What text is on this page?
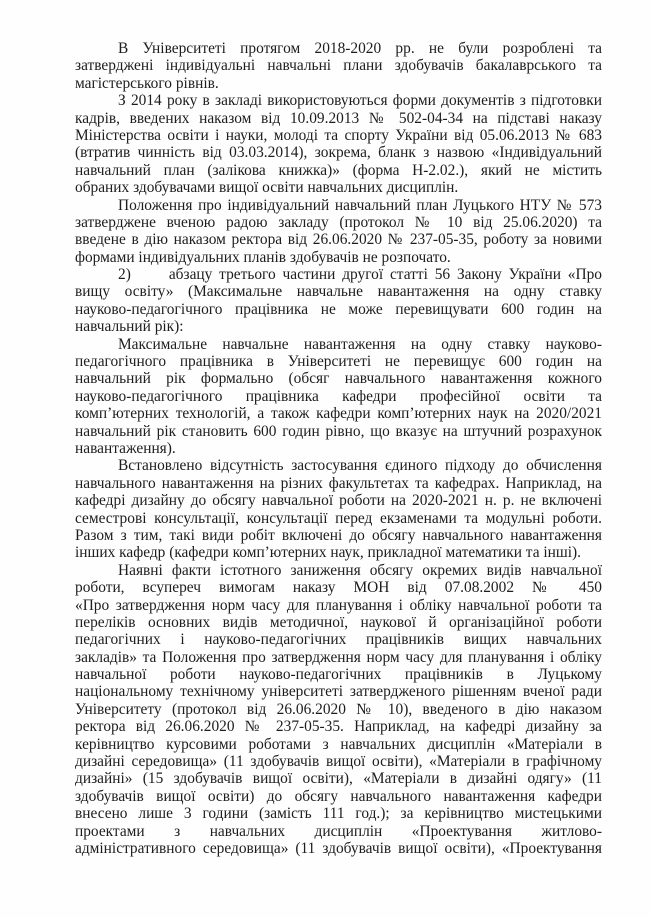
В Університеті протягом 2018-2020 рр. не були розроблені та
затверджені індивідуальні навчальні плани здобувачів бакалаврського та
магістерського рівнів.
З 2014 року в закладі використовуються форми документів з підготовки
кадрів, введених наказом від 10.09.2013 № 502-04-34 на підставі наказу
Міністерства освіти і науки, молоді та спорту України від 05.06.2013 № 683
(втратив чинність від 03.03.2014), зокрема, бланк з назвою «Індивідуальний
навчальний план (залікова книжка)» (форма Н-2.02.), який не містить
обраних здобувачами вищої освіти навчальних дисциплін.
Положення про індивідуальний навчальний план Луцького НТУ № 573
затверджене вченою радою закладу (протокол № 10 від 25.06.2020) та
введене в дію наказом ректора від 26.06.2020 № 237-05-35, роботу за новими
формами індивідуальних планів здобувачів не розпочато.
2) абзацу третього частини другої статті 56 Закону України «Про
вищу освіту» (Максимальне навчальне навантаження на одну ставку
науково-педагогічного працівника не може перевищувати 600 годин на
навчальний рік):
Максимальне навчальне навантаження на одну ставку науково-
педагогічного працівника в Університеті не перевищує 600 годин на
навчальний рік формально (обсяг навчального навантаження кожного
науково-педагогічного працівника кафедри професійної освіти та
комп’ютерних технологій, а також кафедри комп’ютерних наук на 2020/2021
навчальний рік становить 600 годин рівно, що вказує на штучний розрахунок
навантаження).
Встановлено відсутність застосування єдиного підходу до обчислення
навчального навантаження на різних факультетах та кафедрах. Наприклад, на
кафедрі дизайну до обсягу навчальної роботи на 2020-2021 н. р. не включені
семестрові консультації, консультації перед екзаменами та модульні роботи.
Разом з тим, такі види робіт включені до обсягу навчального навантаження
інших кафедр (кафедри комп’ютерних наук, прикладної математики та інші).
Наявні факти істотного заниження обсягу окремих видів навчальної
роботи, всупереч вимогам наказу МОН від 07.08.2002 № 450
«Про затвердження норм часу для планування і обліку навчальної роботи та
переліків основних видів методичної, наукової й організаційної роботи
педагогічних і науково-педагогічних працівників вищих навчальних
закладів» та Положення про затвердження норм часу для планування і обліку
навчальної роботи науково-педагогічних працівників в Луцькому
національному технічному університеті затвердженого рішенням вченої ради
Університету (протокол від 26.06.2020 № 10), введеного в дію наказом
ректора від 26.06.2020 № 237-05-35. Наприклад, на кафедрі дизайну за
керівництво курсовими роботами з навчальних дисциплін «Матеріали в
дизайні середовища» (11 здобувачів вищої освіти), «Матеріали в графічному
дизайні» (15 здобувачів вищої освіти), «Матеріали в дизайні одягу» (11
здобувачів вищої освіти) до обсягу навчального навантаження кафедри
внесено лише 3 години (замість 111 год.); за керівництво мистецькими
проектами з навчальних дисциплін «Проектування житлово-
адміністративного середовища» (11 здобувачів вищої освіти), «Проектування
